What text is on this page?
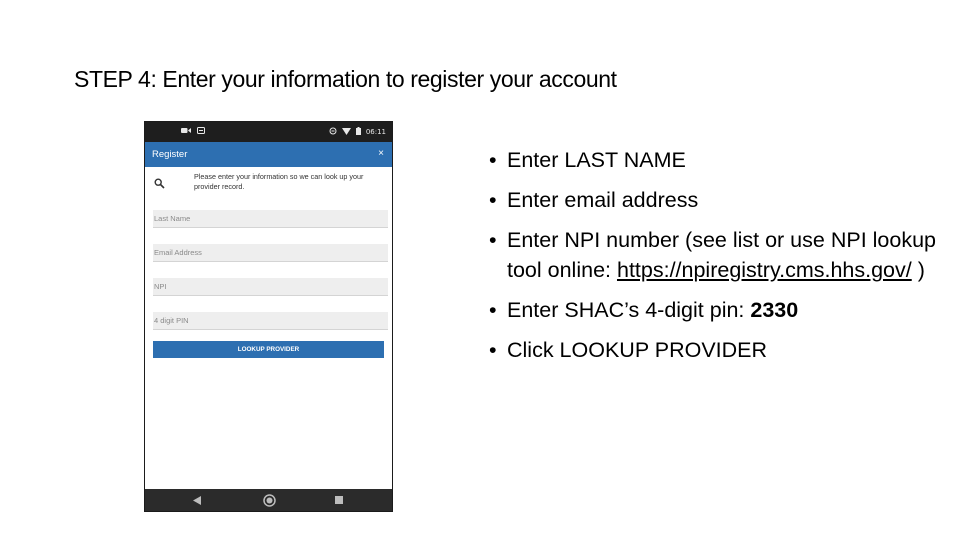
STEP 4: Enter your information to register your account
06:11
Register	×
Please enter your information so we can look up your provider record.
Last Name
Email Address
NPI
4 digit PIN
LOOKUP PROVIDER
• Enter LAST NAME
• Enter email address
• Enter NPI number (see list or use NPI lookup tool online: https://npiregistry.cms.hhs.gov/ )
• Enter SHAC’s 4-digit pin: 2330
• Click LOOKUP PROVIDER
